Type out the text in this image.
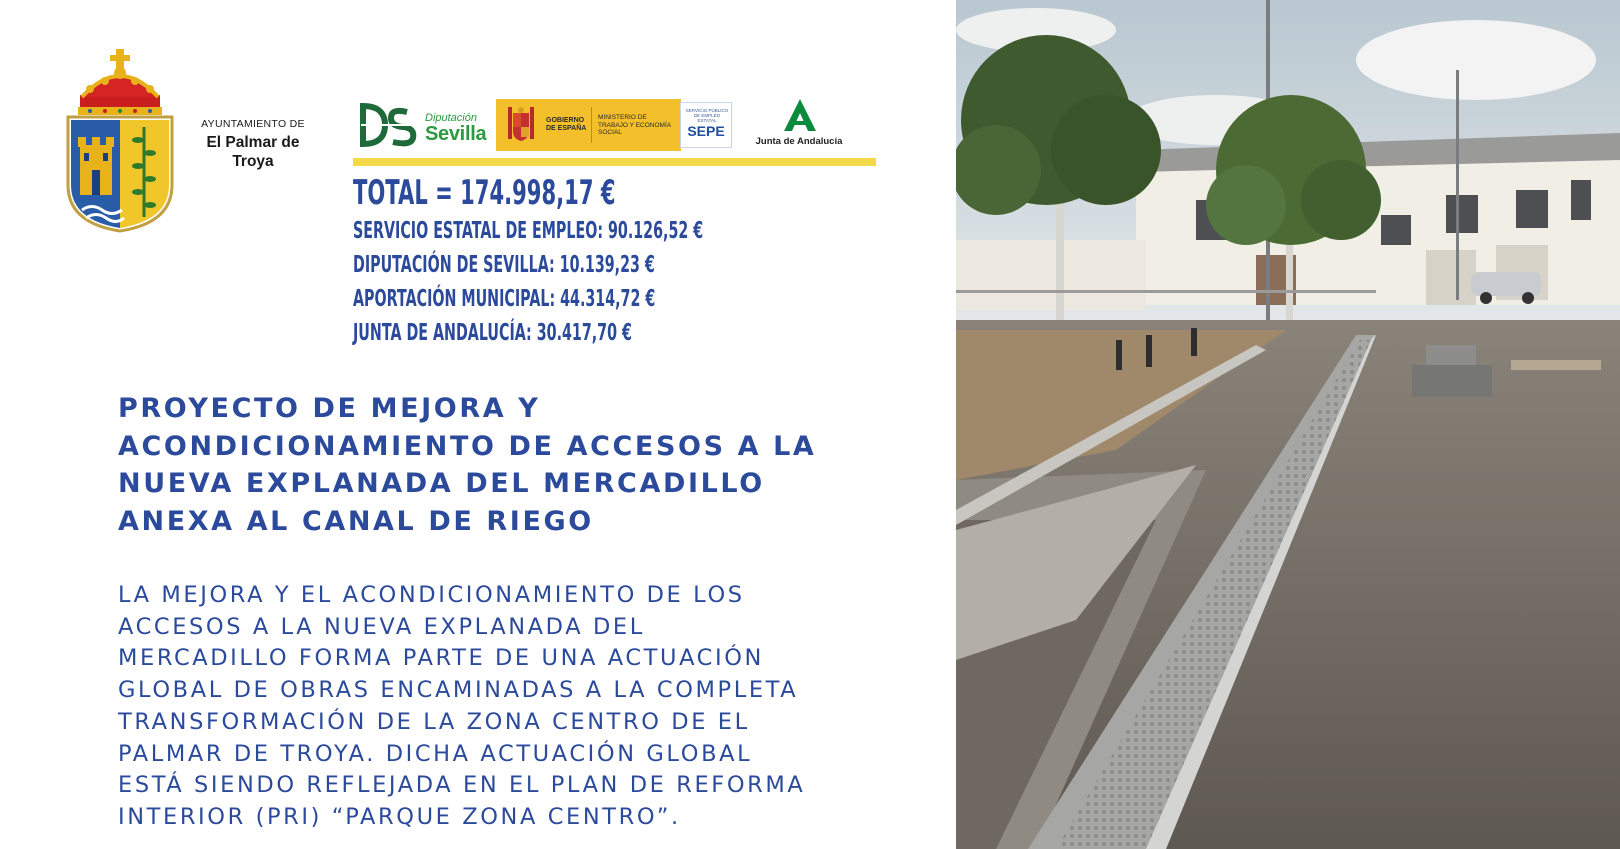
AYUNTAMIENTO DE
El Palmar de
Troya
Diputación
Sevilla
GOBIERNO DE ESPAÑA
MINISTERIO DE TRABAJO Y ECONOMÍA SOCIAL
SERVICIO PÚBLICO DE EMPLEO ESTATAL
SEPE
Junta de Andalucía
TOTAL = 174.998,17 €
SERVICIO ESTATAL DE EMPLEO: 90.126,52 €
DIPUTACIÓN DE SEVILLA: 10.139,23 €
APORTACIÓN MUNICIPAL: 44.314,72 €
JUNTA DE ANDALUCÍA: 30.417,70 €
PROYECTO DE MEJORA Y
ACONDICIONAMIENTO DE ACCESOS A LA
NUEVA EXPLANADA DEL MERCADILLO
ANEXA AL CANAL DE RIEGO
LA MEJORA Y EL ACONDICIONAMIENTO DE LOS
ACCESOS A LA NUEVA EXPLANADA DEL
MERCADILLO FORMA PARTE DE UNA ACTUACIÓN
GLOBAL DE OBRAS ENCAMINADAS A LA COMPLETA
TRANSFORMACIÓN DE LA ZONA CENTRO DE EL
PALMAR DE TROYA. DICHA ACTUACIÓN GLOBAL
ESTÁ SIENDO REFLEJADA EN EL PLAN DE REFORMA
INTERIOR (PRI) “PARQUE ZONA CENTRO”.
